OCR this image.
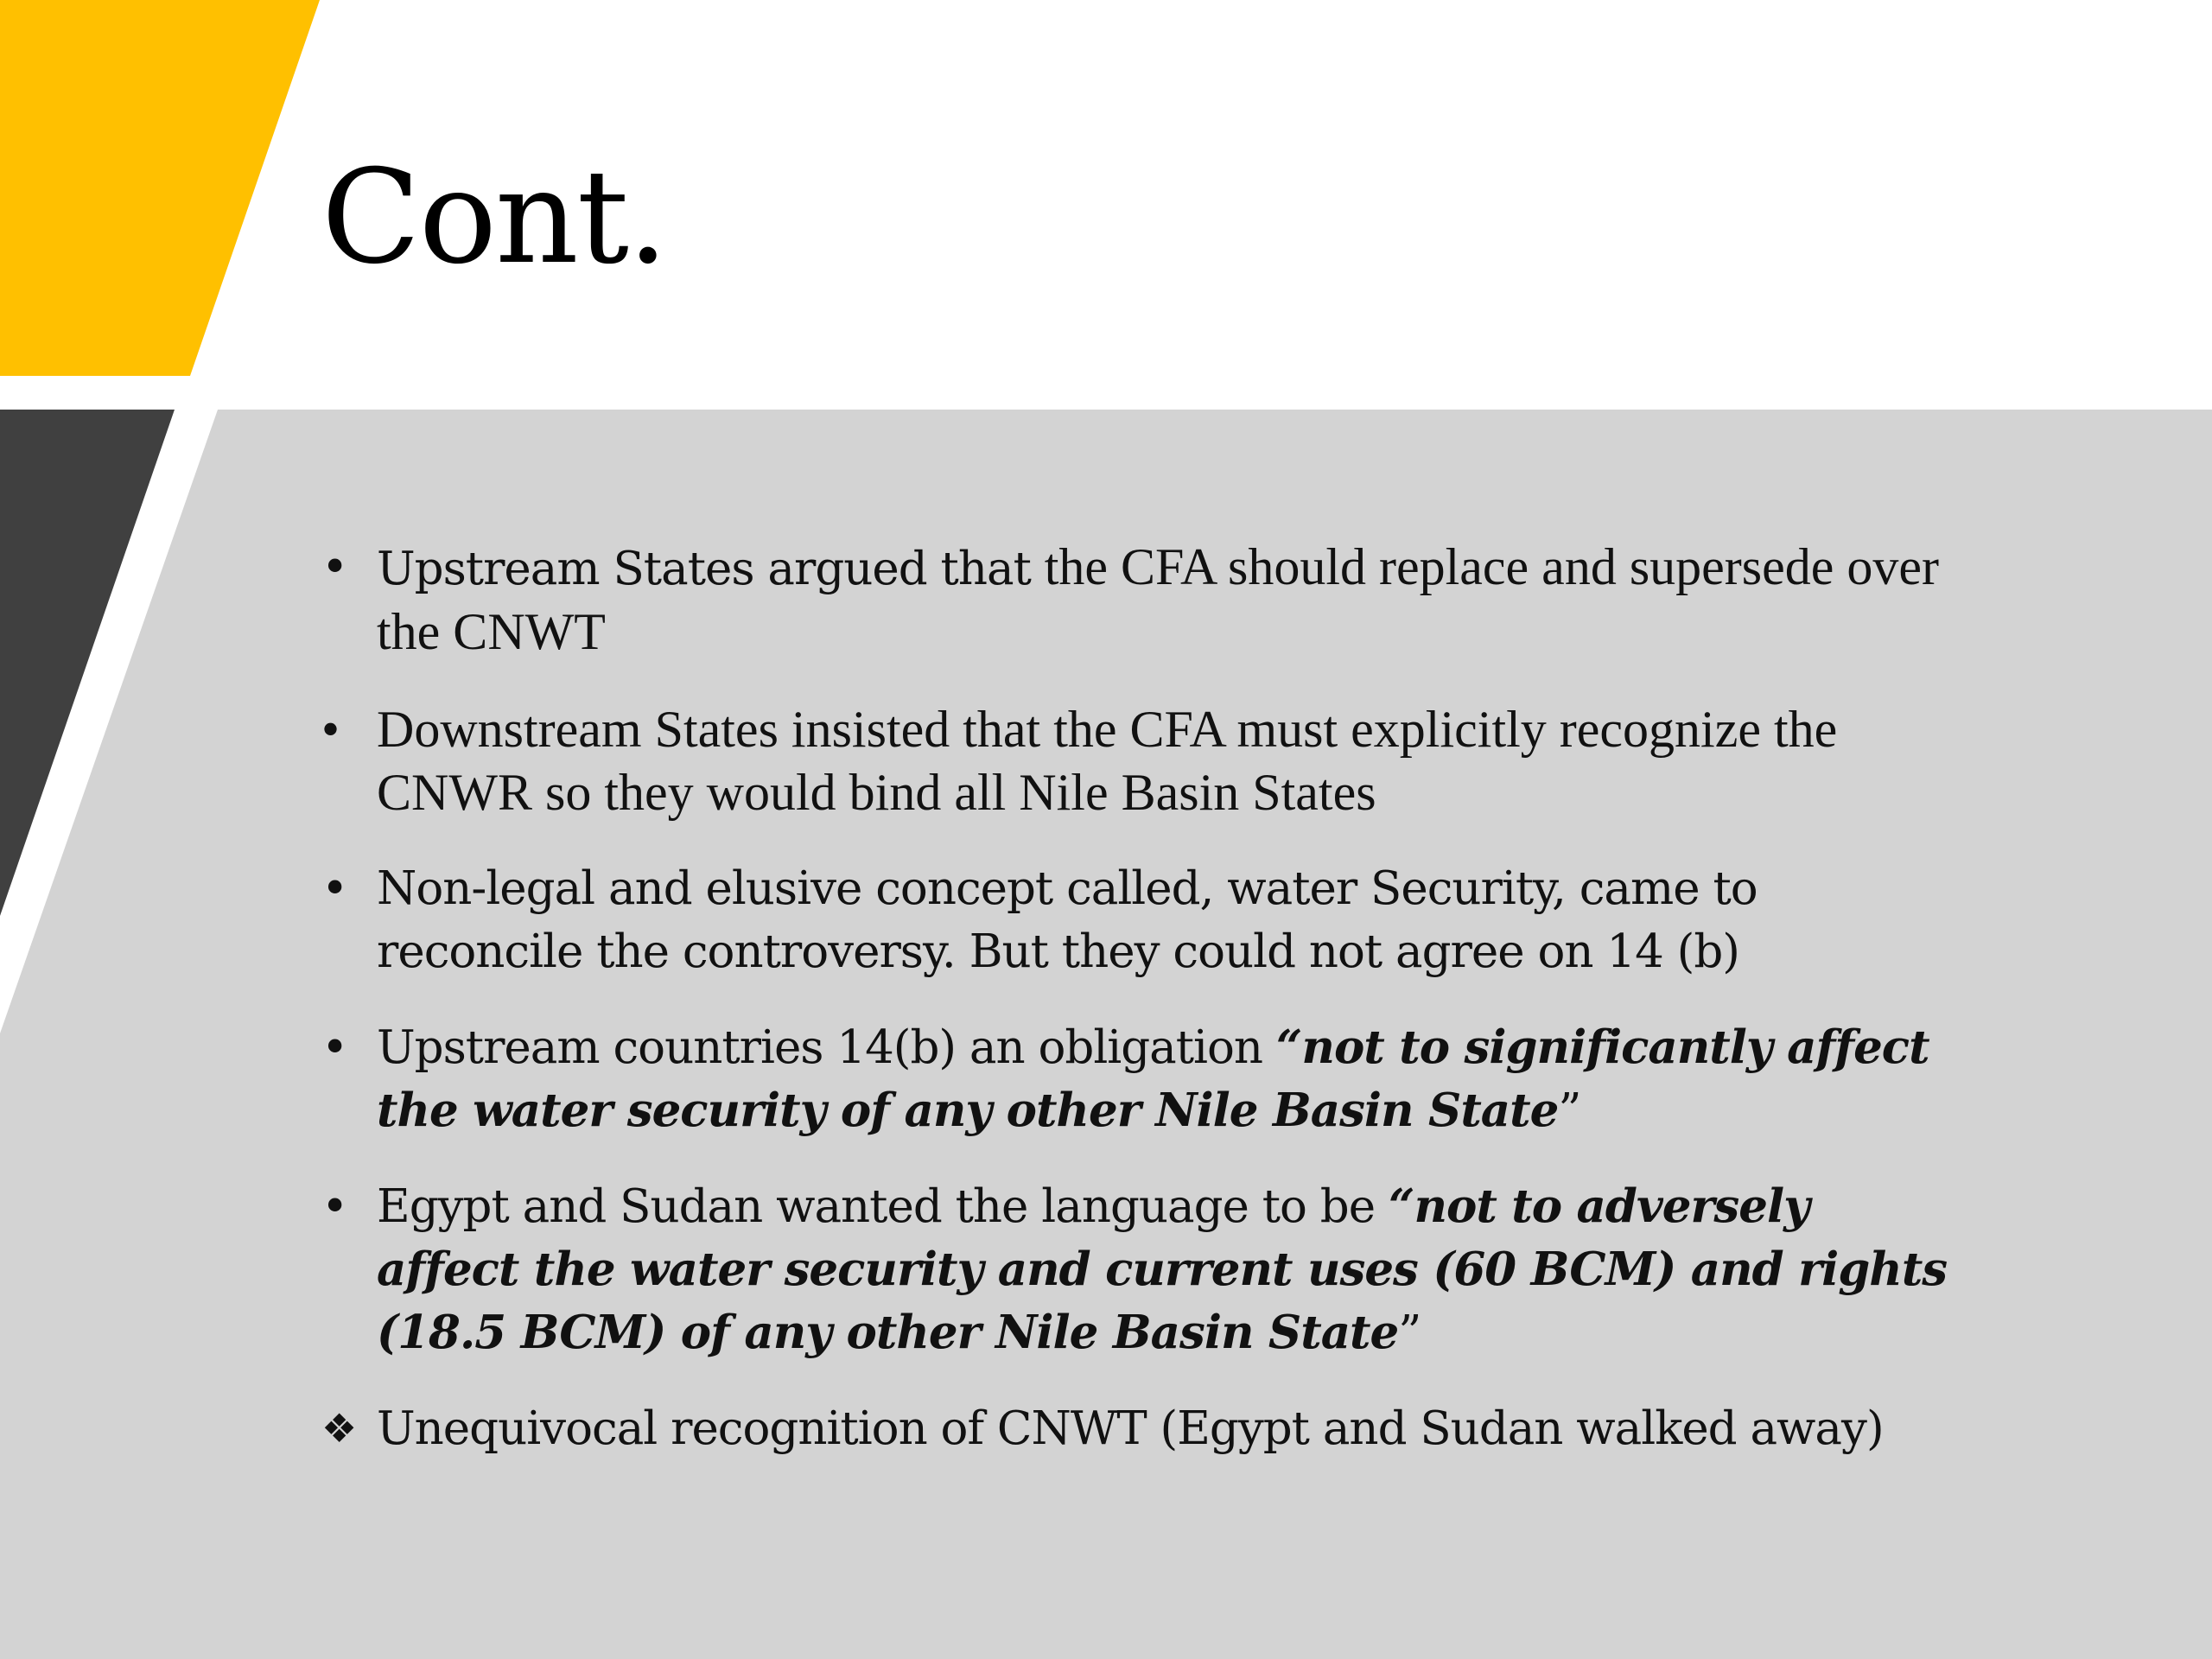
Cont.
• Upstream States argued that the CFA should replace and supersede over the CNWT
• Downstream States insisted that the CFA must explicitly recognize the CNWR so they would bind all Nile Basin States
• Non-legal and elusive concept called, water Security, came to reconcile the controversy. But they could not agree on 14 (b)
• Upstream countries 14(b) an obligation “not to significantly affect the water security of any other Nile Basin State”
• Egypt and Sudan wanted the language to be “not to adversely affect the water security and current uses (60 BCM) and rights (18.5 BCM) of any other Nile Basin State”
❖ Unequivocal recognition of CNWT (Egypt and Sudan walked away)
